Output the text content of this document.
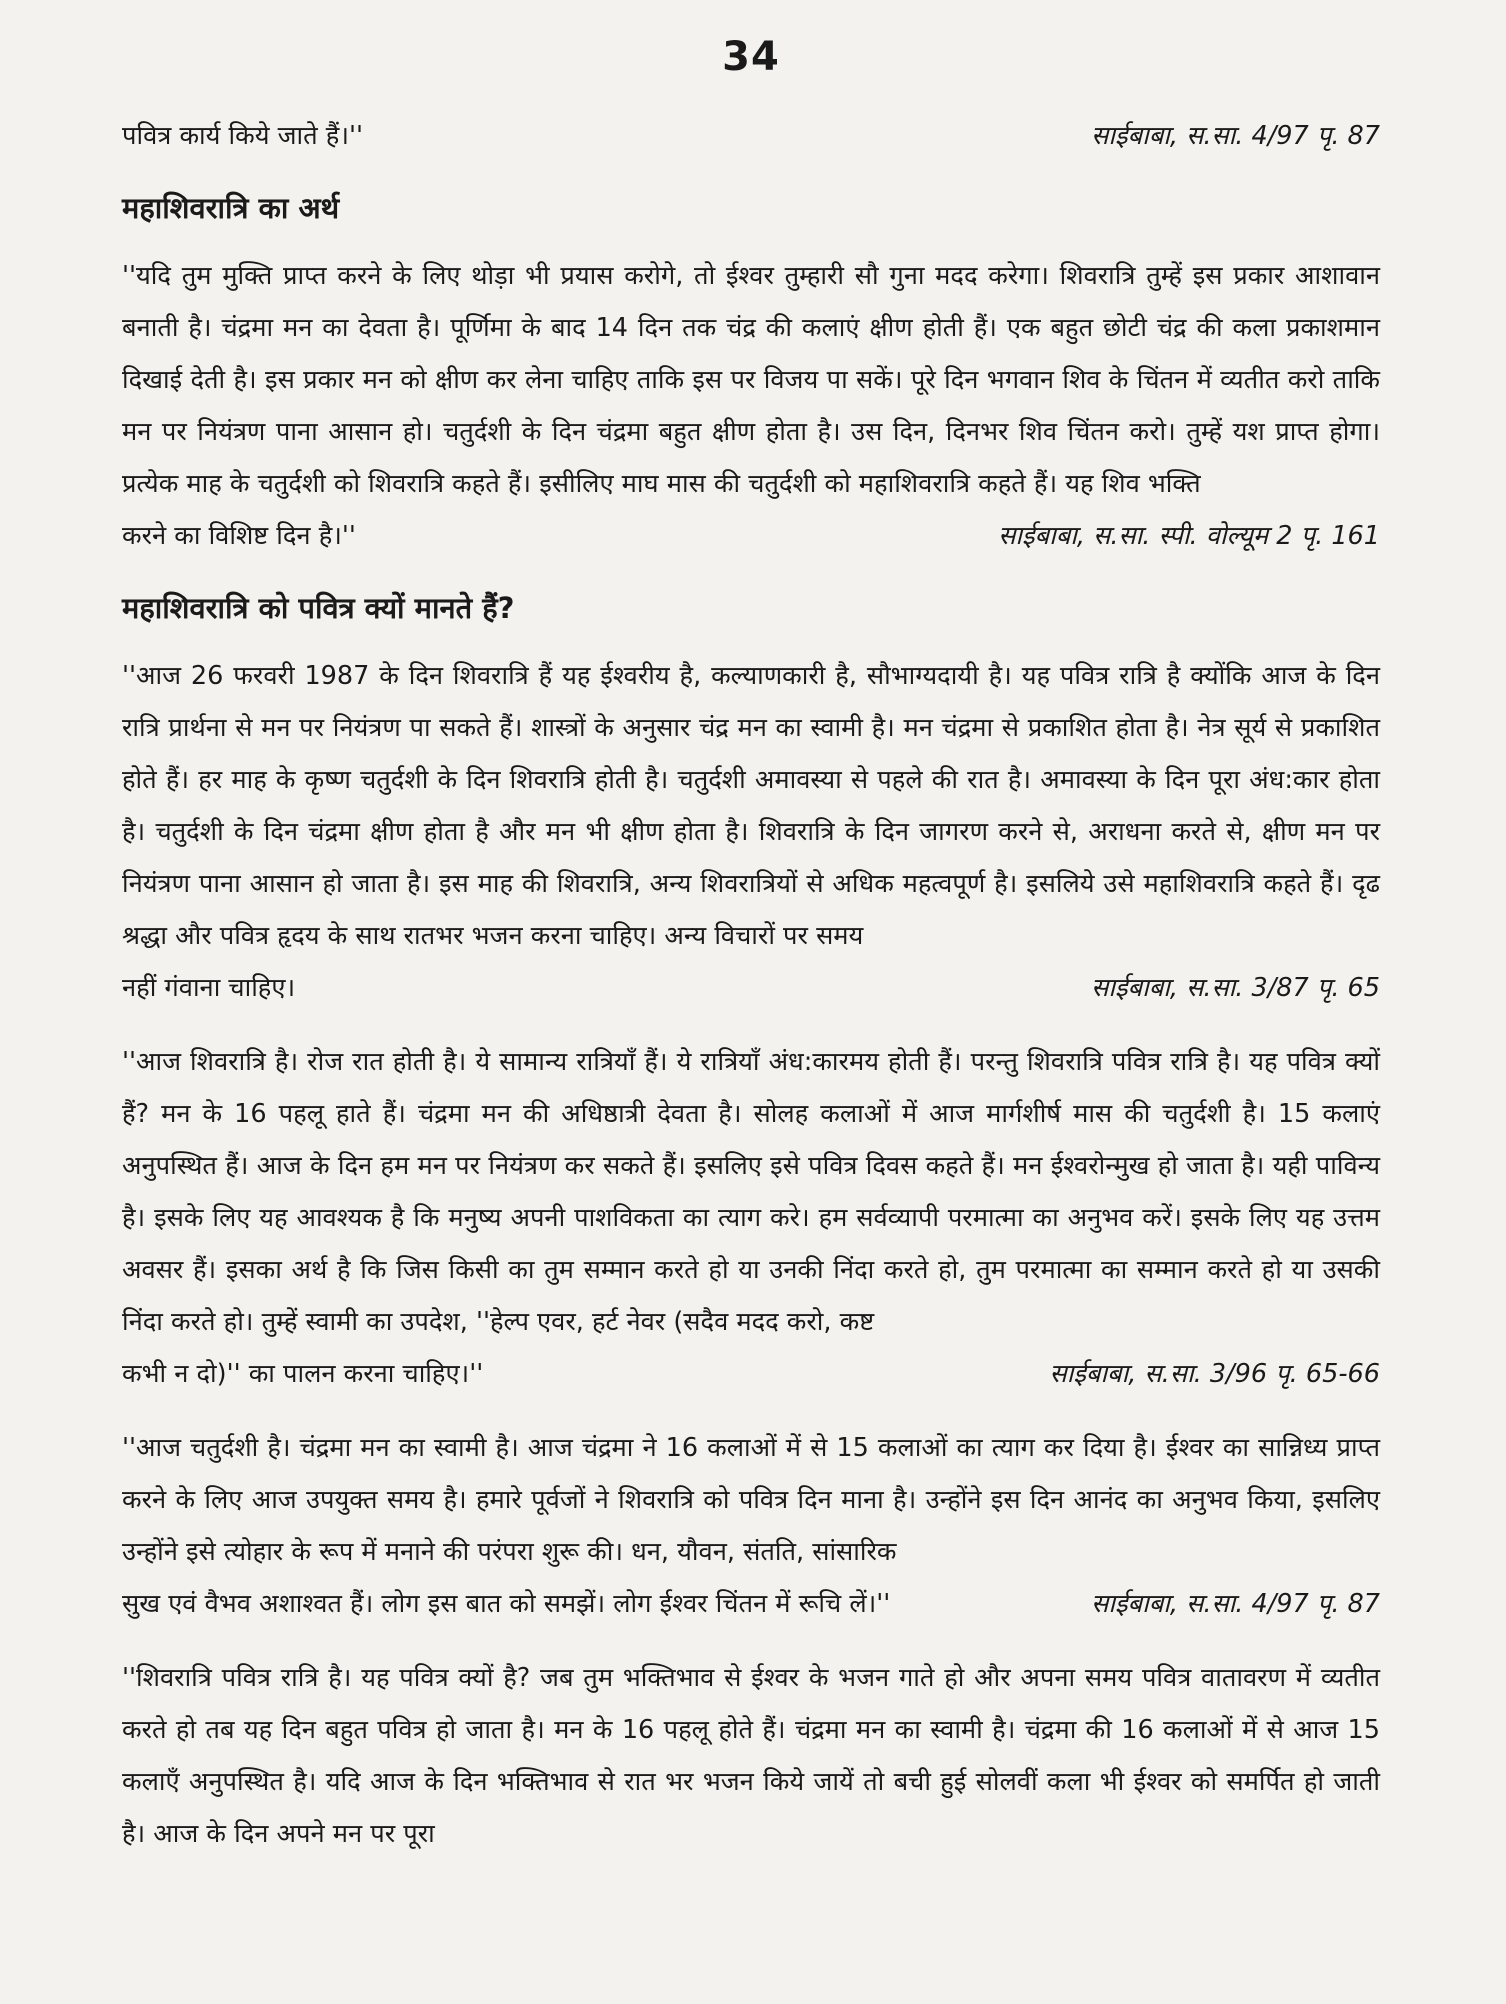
34
पवित्र कार्य किये जाते हैं।''	साईबाबा, स.सा. 4/97 पृ. 87
महाशिवरात्रि का अर्थ

''यदि तुम मुक्ति प्राप्त करने के लिए थोड़ा भी प्रयास करोगे, तो ईश्वर तुम्हारी सौ गुना मदद करेगा। शिवरात्रि तुम्हें इस प्रकार आशावान बनाती है। चंद्रमा मन का देवता है। पूर्णिमा के बाद 14 दिन तक चंद्र की कलाएं क्षीण होती हैं। एक बहुत छोटी चंद्र की कला प्रकाशमान दिखाई देती है। इस प्रकार मन को क्षीण कर लेना चाहिए ताकि इस पर विजय पा सकें। पूरे दिन भगवान शिव के चिंतन में व्यतीत करो ताकि मन पर नियंत्रण पाना आसान हो। चतुर्दशी के दिन चंद्रमा बहुत क्षीण होता है। उस दिन, दिनभर शिव चिंतन करो। तुम्हें यश प्राप्त होगा। प्रत्येक माह के चतुर्दशी को शिवरात्रि कहते हैं। इसीलिए माघ मास की चतुर्दशी को महाशिवरात्रि कहते हैं। यह शिव भक्ति

करने का विशिष्ट दिन है।''	साईबाबा, स.सा. स्पी. वोल्यूम 2 पृ. 161
महाशिवरात्रि को पवित्र क्यों मानते हैं?

''आज 26 फरवरी 1987 के दिन शिवरात्रि हैं यह ईश्वरीय है, कल्याणकारी है, सौभाग्यदायी है। यह पवित्र रात्रि है क्योंकि आज के दिन रात्रि प्रार्थना से मन पर नियंत्रण पा सकते हैं। शास्त्रों के अनुसार चंद्र मन का स्वामी है। मन चंद्रमा से प्रकाशित होता है। नेत्र सूर्य से प्रकाशित होते हैं। हर माह के कृष्ण चतुर्दशी के दिन शिवरात्रि होती है। चतुर्दशी अमावस्या से पहले की रात है। अमावस्या के दिन पूरा अंध:कार होता है। चतुर्दशी के दिन चंद्रमा क्षीण होता है और मन भी क्षीण होता है। शिवरात्रि के दिन जागरण करने से, अराधना करते से, क्षीण मन पर नियंत्रण पाना आसान हो जाता है। इस माह की शिवरात्रि, अन्य शिवरात्रियों से अधिक महत्वपूर्ण है। इसलिये उसे महाशिवरात्रि कहते हैं। दृढ श्रद्धा और पवित्र हृदय के साथ रातभर भजन करना चाहिए। अन्य विचारों पर समय

नहीं गंवाना चाहिए।	साईबाबा, स.सा. 3/87 पृ. 65

''आज शिवरात्रि है। रोज रात होती है। ये सामान्य रात्रियाँ हैं। ये रात्रियाँ अंध:कारमय होती हैं। परन्तु शिवरात्रि पवित्र रात्रि है। यह पवित्र क्यों हैं? मन के 16 पहलू हाते हैं। चंद्रमा मन की अधिष्ठात्री देवता है। सोलह कलाओं में आज मार्गशीर्ष मास की चतुर्दशी है। 15 कलाएं अनुपस्थित हैं। आज के दिन हम मन पर नियंत्रण कर सकते हैं। इसलिए इसे पवित्र दिवस कहते हैं। मन ईश्वरोन्मुख हो जाता है। यही पाविन्य है। इसके लिए यह आवश्यक है कि मनुष्य अपनी पाशविकता का त्याग करे। हम सर्वव्यापी परमात्मा का अनुभव करें। इसके लिए यह उत्तम अवसर हैं। इसका अर्थ है कि जिस किसी का तुम सम्मान करते हो या उनकी निंदा करते हो, तुम परमात्मा का सम्मान करते हो या उसकी निंदा करते हो। तुम्हें स्वामी का उपदेश, ''हेल्प एवर, हर्ट नेवर (सदैव मदद करो, कष्ट

कभी न दो)'' का पालन करना चाहिए।''	साईबाबा, स.सा. 3/96 पृ. 65-66

''आज चतुर्दशी है। चंद्रमा मन का स्वामी है। आज चंद्रमा ने 16 कलाओं में से 15 कलाओं का त्याग कर दिया है। ईश्वर का सान्निध्य प्राप्त करने के लिए आज उपयुक्त समय है। हमारे पूर्वजों ने शिवरात्रि को पवित्र दिन माना है। उन्होंने इस दिन आनंद का अनुभव किया, इसलिए उन्होंने इसे त्योहार के रूप में मनाने की परंपरा शुरू की। धन, यौवन, संतति, सांसारिक

सुख एवं वैभव अशाश्वत हैं। लोग इस बात को समझें। लोग ईश्वर चिंतन में रूचि लें।''	साईबाबा, स.सा. 4/97 पृ. 87

''शिवरात्रि पवित्र रात्रि है। यह पवित्र क्यों है? जब तुम भक्तिभाव से ईश्वर के भजन गाते हो और अपना समय पवित्र वातावरण में व्यतीत करते हो तब यह दिन बहुत पवित्र हो जाता है। मन के 16 पहलू होते हैं। चंद्रमा मन का स्वामी है। चंद्रमा की 16 कलाओं में से आज 15 कलाएँ अनुपस्थित है। यदि आज के दिन भक्तिभाव से रात भर भजन किये जायें तो बची हुई सोलवीं कला भी ईश्वर को समर्पित हो जाती है। आज के दिन अपने मन पर पूरा
